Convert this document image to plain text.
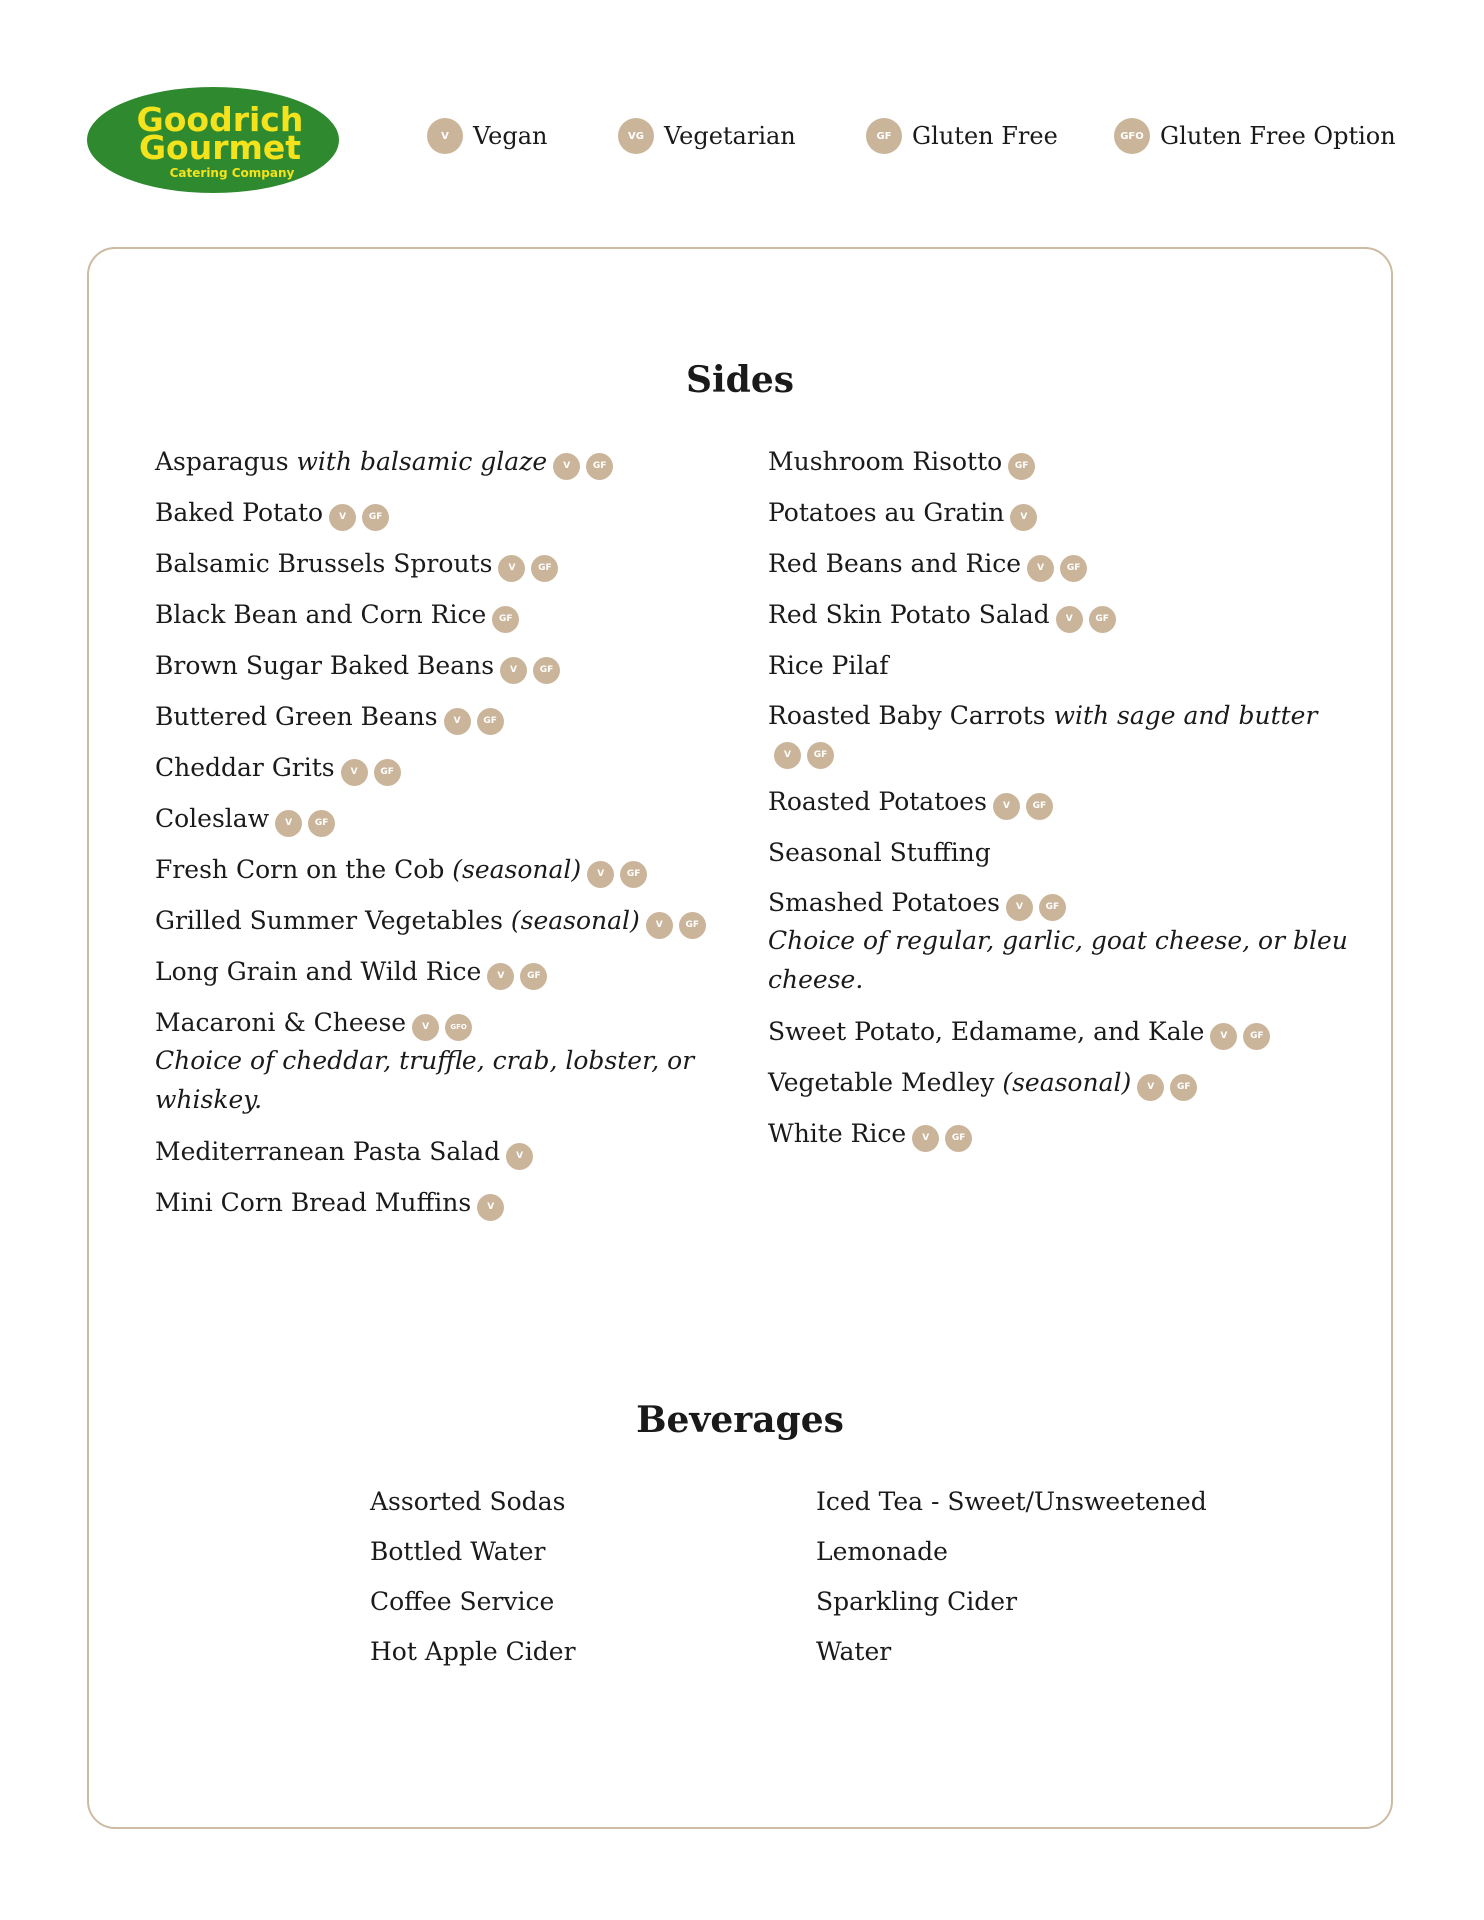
Goodrich
Gourmet
Catering Company
V	Vegan	VG Vegetarian	GF Gluten Free	GFO Gluten Free Option
Sides
Asparagus with balsamic glaze V	GF
Baked Potato V	GF
Balsamic Brussels Sprouts V	GF
Black Bean and Corn Rice GF
Brown Sugar Baked Beans V	GF
Buttered Green Beans V	GF
Cheddar Grits V	GF
Coleslaw V	GF
Fresh Corn on the Cob (seasonal) V	GF
Grilled Summer Vegetables (seasonal) V	GF
Long Grain and Wild Rice V	GF
Macaroni & Cheese V	GFO
Choice of cheddar, truffle, crab, lobster, or whiskey.
Mediterranean Pasta Salad V
Mini Corn Bread Muffins V
Mushroom Risotto GF
Potatoes au Gratin V
Red Beans and Rice V	GF
Red Skin Potato Salad V	GF
Rice Pilaf
Roasted Baby Carrots with sage and butterV	GF
Roasted Potatoes V	GF
Seasonal Stuffing
Smashed Potatoes V	GF
Choice of regular, garlic, goat cheese, or bleu cheese.
Sweet Potato, Edamame, and Kale V	GF
Vegetable Medley (seasonal) V	GF
White Rice V	GF
Beverages
Assorted Sodas
Bottled Water
Coffee Service
Hot Apple Cider
Iced Tea - Sweet/Unsweetened
Lemonade
Sparkling Cider
Water
